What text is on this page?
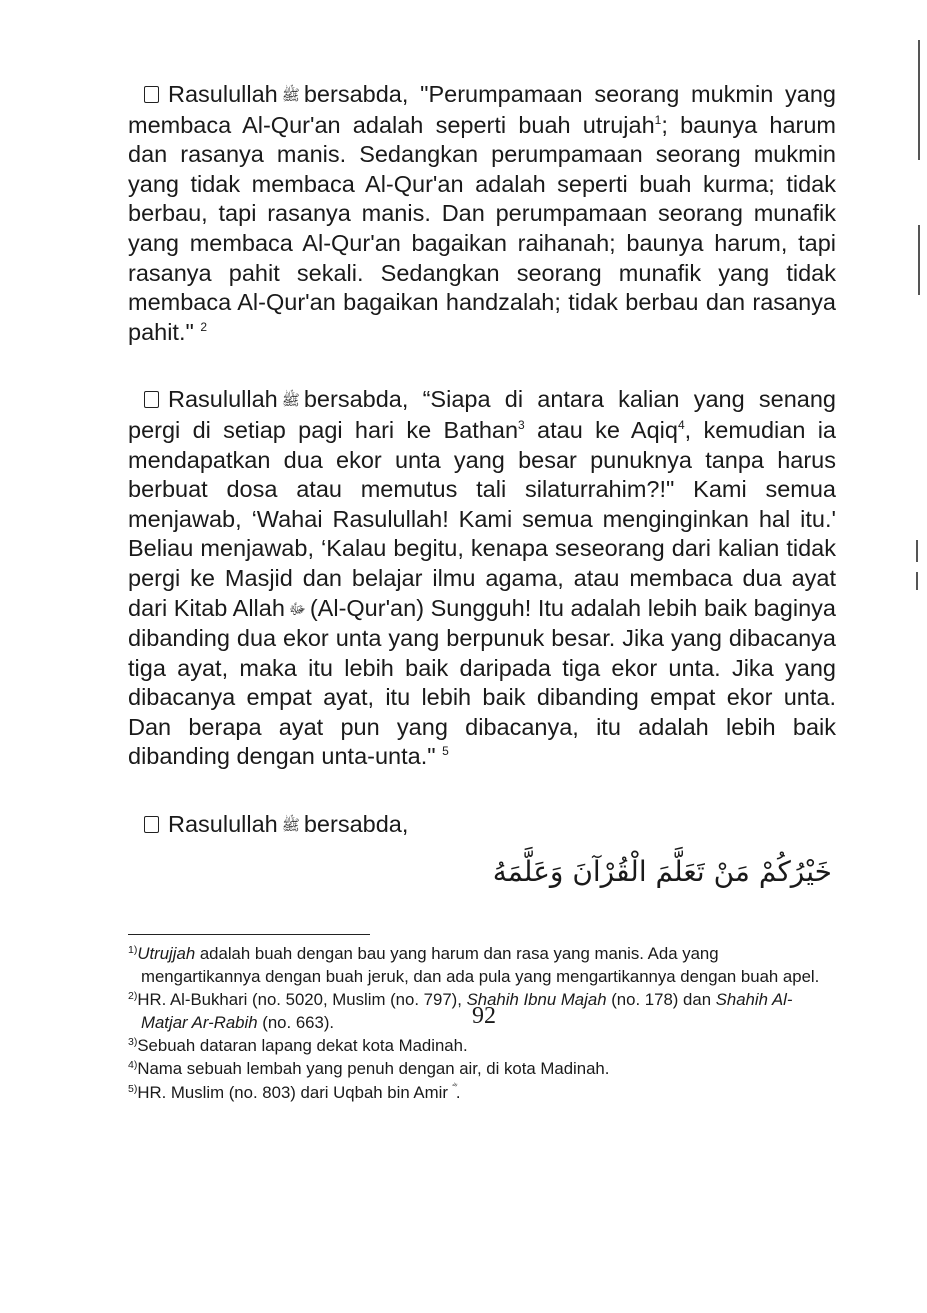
Rasulullah ﷺ bersabda, "Perumpamaan seorang mukmin yang membaca Al-Qur'an adalah seperti buah utrujah$^1$; baunya harum dan rasanya manis. Sedangkan perumpamaan seorang mukmin yang tidak membaca Al-Qur'an adalah seperti buah kurma; tidak berbau, tapi rasanya manis. Dan perumpamaan seorang munafik yang membaca Al-Qur'an bagaikan raihanah; baunya harum, tapi rasanya pahit sekali. Sedangkan seorang munafik yang tidak membaca Al-Qur'an bagaikan handzalah; tidak berbau dan rasanya pahit." $^2$

Rasulullah ﷺ bersabda, “Siapa di antara kalian yang senang pergi di setiap pagi hari ke Bathan$^3$ atau ke Aqiq$^4$, kemudian ia mendapatkan dua ekor unta yang besar punuknya tanpa harus berbuat dosa atau memutus tali silaturrahim?!" Kami semua menjawab, ‘Wahai Rasulullah! Kami semua menginginkan hal itu.' Beliau menjawab, ‘Kalau begitu, kenapa seseorang dari kalian tidak pergi ke Masjid dan belajar ilmu agama, atau membaca dua ayat dari Kitab Allah ﷻ (Al-Qur'an) Sungguh! Itu adalah lebih baik baginya dibanding dua ekor unta yang berpunuk besar. Jika yang dibacanya tiga ayat, maka itu lebih baik daripada tiga ekor unta. Jika yang dibacanya empat ayat, itu lebih baik dibanding empat ekor unta. Dan berapa ayat pun yang dibacanya, itu adalah lebih baik dibanding dengan unta-unta." $^5$

Rasulullah ﷺ bersabda,

خَيْرُكُمْ مَنْ تَعَلَّمَ الْقُرْآنَ وَعَلَّمَهُ

$^{1)}$Utrujjah adalah buah dengan bau yang harum dan rasa yang manis. Ada yang mengartikannya dengan buah jeruk, dan ada pula yang mengartikannya dengan buah apel.

$^{2)}$HR. Al-Bukhari (no. 5020, Muslim (no. 797), Shahih Ibnu Majah (no. 178) dan Shahih Al-Matjar Ar-Rabih (no. 663).

$^{3)}$Sebuah dataran lapang dekat kota Madinah.

$^{4)}$Nama sebuah lembah yang penuh dengan air, di kota Madinah.

$^{5)}$HR. Muslim (no. 803) dari Uqbah bin Amir .

92
